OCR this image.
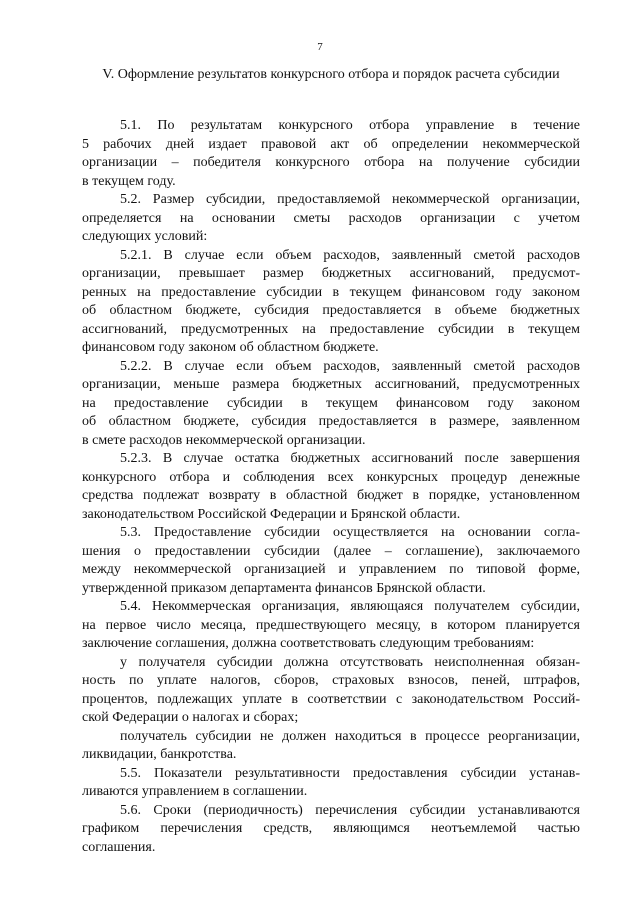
7
V. Оформление результатов конкурсного отбора и порядок расчета субсидии
5.1. По результатам конкурсного отбора управление в течение
5 рабочих дней издает правовой акт об определении некоммерческой
организации – победителя конкурсного отбора на получение субсидии
в текущем году.
5.2. Размер субсидии, предоставляемой некоммерческой организации,
определяется на основании сметы расходов организации с учетом
следующих условий:
5.2.1. В случае если объем расходов, заявленный сметой расходов
организации, превышает размер бюджетных ассигнований, предусмот-
ренных на предоставление субсидии в текущем финансовом году законом
об областном бюджете, субсидия предоставляется в объеме бюджетных
ассигнований, предусмотренных на предоставление субсидии в текущем
финансовом году законом об областном бюджете.
5.2.2. В случае если объем расходов, заявленный сметой расходов
организации, меньше размера бюджетных ассигнований, предусмотренных
на предоставление субсидии в текущем финансовом году законом
об областном бюджете, субсидия предоставляется в размере, заявленном
в смете расходов некоммерческой организации.
5.2.3. В случае остатка бюджетных ассигнований после завершения
конкурсного отбора и соблюдения всех конкурсных процедур денежные
средства подлежат возврату в областной бюджет в порядке, установленном
законодательством Российской Федерации и Брянской области.
5.3. Предоставление субсидии осуществляется на основании согла-
шения о предоставлении субсидии (далее – соглашение), заключаемого
между некоммерческой организацией и управлением по типовой форме,
утвержденной приказом департамента финансов Брянской области.
5.4. Некоммерческая организация, являющаяся получателем субсидии,
на первое число месяца, предшествующего месяцу, в котором планируется
заключение соглашения, должна соответствовать следующим требованиям:
у получателя субсидии должна отсутствовать неисполненная обязан-
ность по уплате налогов, сборов, страховых взносов, пеней, штрафов,
процентов, подлежащих уплате в соответствии с законодательством Россий-
ской Федерации о налогах и сборах;
получатель субсидии не должен находиться в процессе реорганизации,
ликвидации, банкротства.
5.5. Показатели результативности предоставления субсидии устанав-
ливаются управлением в соглашении.
5.6. Сроки (периодичность) перечисления субсидии устанавливаются
графиком перечисления средств, являющимся неотъемлемой частью
соглашения.
